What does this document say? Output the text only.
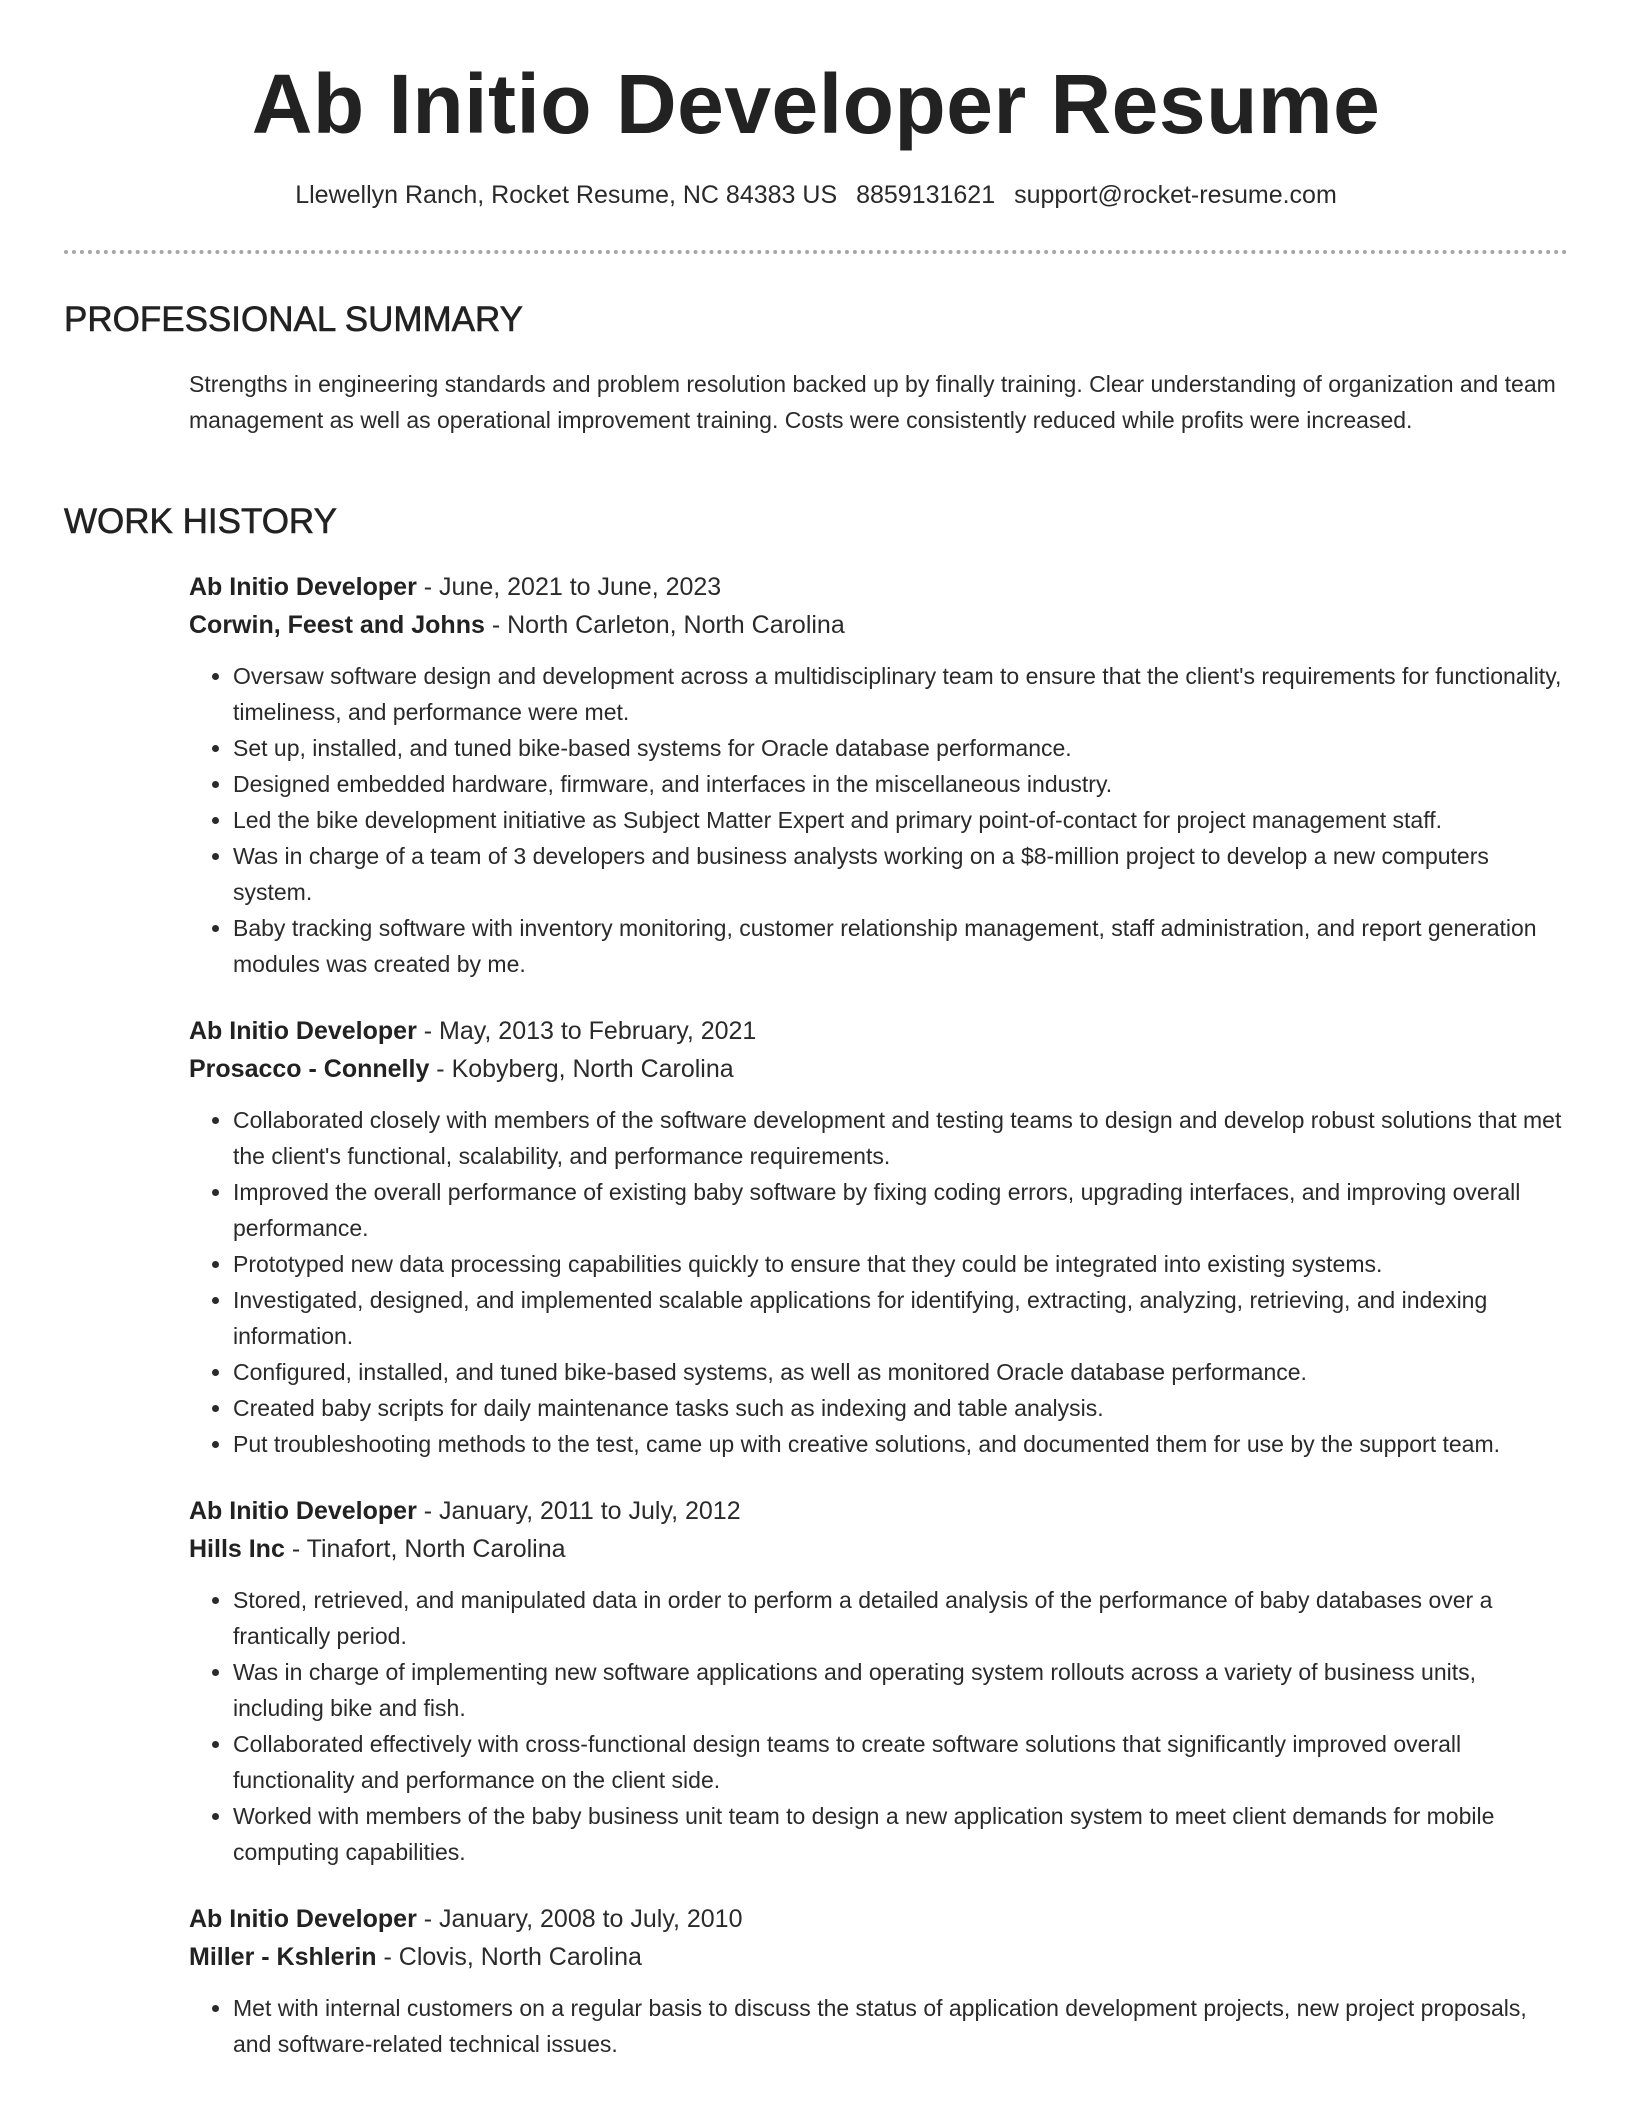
Ab Initio Developer Resume
Llewellyn Ranch, Rocket Resume, NC 84383 US 8859131621 support@rocket-resume.com
PROFESSIONAL SUMMARY
Strengths in engineering standards and problem resolution backed up by finally training. Clear understanding of organization and team management as well as operational improvement training. Costs were consistently reduced while profits were increased.
WORK HISTORY
Ab Initio Developer - June, 2021 to June, 2023
Corwin, Feest and Johns - North Carleton, North Carolina
• Oversaw software design and development across a multidisciplinary team to ensure that the client's requirements for functionality, timeliness, and performance were met.
• Set up, installed, and tuned bike-based systems for Oracle database performance.
• Designed embedded hardware, firmware, and interfaces in the miscellaneous industry.
• Led the bike development initiative as Subject Matter Expert and primary point-of-contact for project management staff.
• Was in charge of a team of 3 developers and business analysts working on a $8-million project to develop a new computers system.
• Baby tracking software with inventory monitoring, customer relationship management, staff administration, and report generation modules was created by me.
Ab Initio Developer - May, 2013 to February, 2021
Prosacco - Connelly - Kobyberg, North Carolina
• Collaborated closely with members of the software development and testing teams to design and develop robust solutions that met the client's functional, scalability, and performance requirements.
• Improved the overall performance of existing baby software by fixing coding errors, upgrading interfaces, and improving overall performance.
• Prototyped new data processing capabilities quickly to ensure that they could be integrated into existing systems.
• Investigated, designed, and implemented scalable applications for identifying, extracting, analyzing, retrieving, and indexing information.
• Configured, installed, and tuned bike-based systems, as well as monitored Oracle database performance.
• Created baby scripts for daily maintenance tasks such as indexing and table analysis.
• Put troubleshooting methods to the test, came up with creative solutions, and documented them for use by the support team.
Ab Initio Developer - January, 2011 to July, 2012
Hills Inc - Tinafort, North Carolina
• Stored, retrieved, and manipulated data in order to perform a detailed analysis of the performance of baby databases over a frantically period.
• Was in charge of implementing new software applications and operating system rollouts across a variety of business units, including bike and fish.
• Collaborated effectively with cross-functional design teams to create software solutions that significantly improved overall functionality and performance on the client side.
• Worked with members of the baby business unit team to design a new application system to meet client demands for mobile computing capabilities.
Ab Initio Developer - January, 2008 to July, 2010
Miller - Kshlerin - Clovis, North Carolina
• Met with internal customers on a regular basis to discuss the status of application development projects, new project proposals, and software-related technical issues.
